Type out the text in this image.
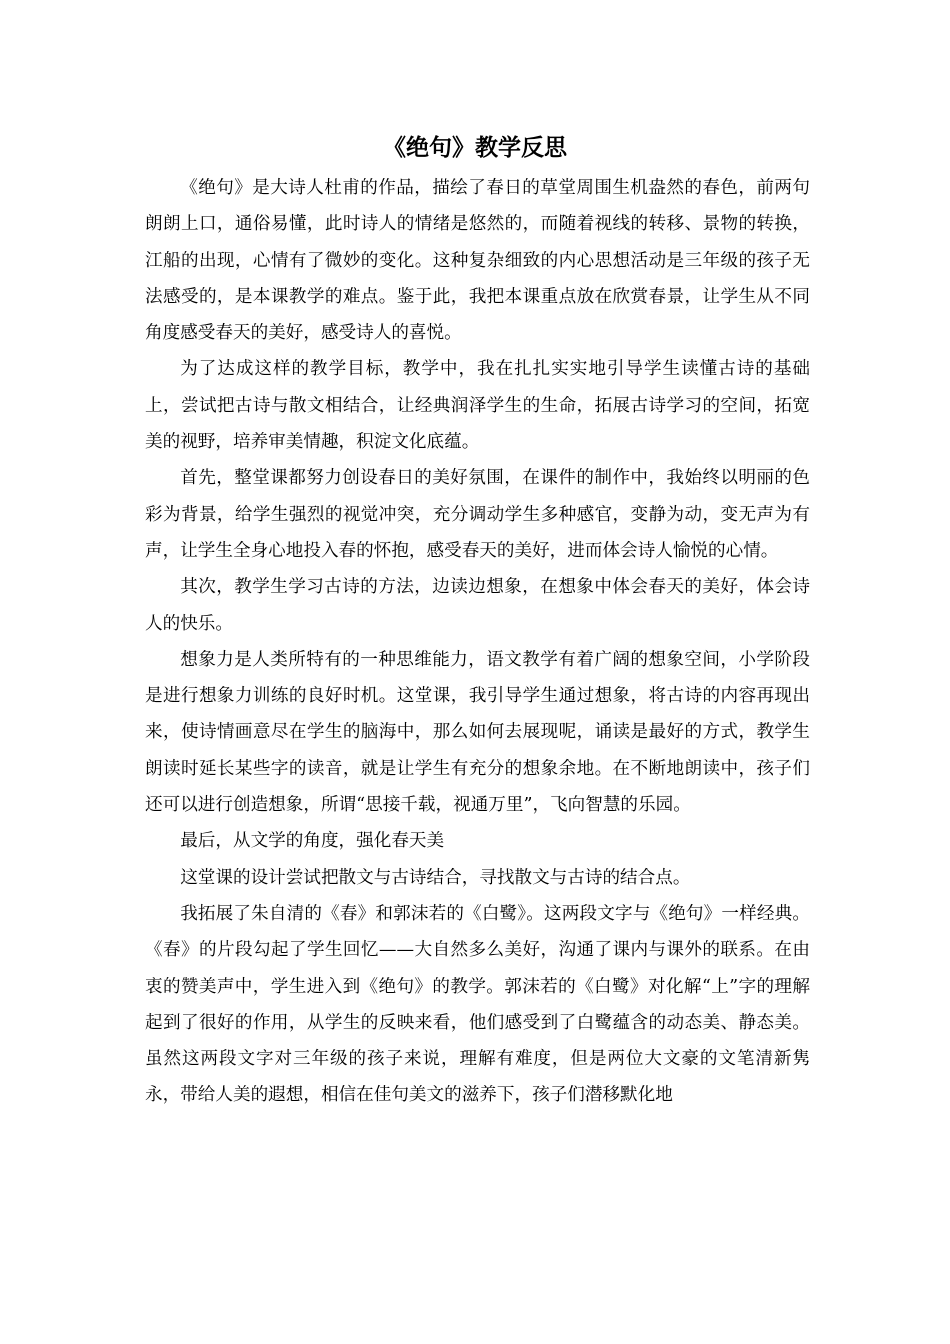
《绝句》教学反思

《绝句》是大诗人杜甫的作品，描绘了春日的草堂周围生机盎然的春色，前两句朗朗上口，通俗易懂，此时诗人的情绪是悠然的，而随着视线的转移、景物的转换，江船的出现，心情有了微妙的变化。这种复杂细致的内心思想活动是三年级的孩子无法感受的，是本课教学的难点。鉴于此，我把本课重点放在欣赏春景，让学生从不同角度感受春天的美好，感受诗人的喜悦。

为了达成这样的教学目标，教学中，我在扎扎实实地引导学生读懂古诗的基础上，尝试把古诗与散文相结合，让经典润泽学生的生命，拓展古诗学习的空间，拓宽美的视野，培养审美情趣，积淀文化底蕴。

首先，整堂课都努力创设春日的美好氛围，在课件的制作中，我始终以明丽的色彩为背景，给学生强烈的视觉冲突，充分调动学生多种感官，变静为动，变无声为有声，让学生全身心地投入春的怀抱，感受春天的美好，进而体会诗人愉悦的心情。

其次，教学生学习古诗的方法，边读边想象，在想象中体会春天的美好，体会诗人的快乐。

想象力是人类所特有的一种思维能力，语文教学有着广阔的想象空间，小学阶段是进行想象力训练的良好时机。这堂课，我引导学生通过想象，将古诗的内容再现出来，使诗情画意尽在学生的脑海中，那么如何去展现呢，诵读是最好的方式，教学生朗读时延长某些字的读音，就是让学生有充分的想象余地。在不断地朗读中，孩子们还可以进行创造想象，所谓“思接千载，视通万里”，飞向智慧的乐园。

最后，从文学的角度，强化春天美

这堂课的设计尝试把散文与古诗结合，寻找散文与古诗的结合点。

我拓展了朱自清的《春》和郭沫若的《白鹭》。这两段文字与《绝句》一样经典。《春》的片段勾起了学生回忆——大自然多么美好，沟通了课内与课外的联系。在由衷的赞美声中，学生进入到《绝句》的教学。郭沫若的《白鹭》对化解“上”字的理解起到了很好的作用，从学生的反映来看，他们感受到了白鹭蕴含的动态美、静态美。虽然这两段文字对三年级的孩子来说，理解有难度，但是两位大文豪的文笔清新隽永，带给人美的遐想，相信在佳句美文的滋养下，孩子们潜移默化地
